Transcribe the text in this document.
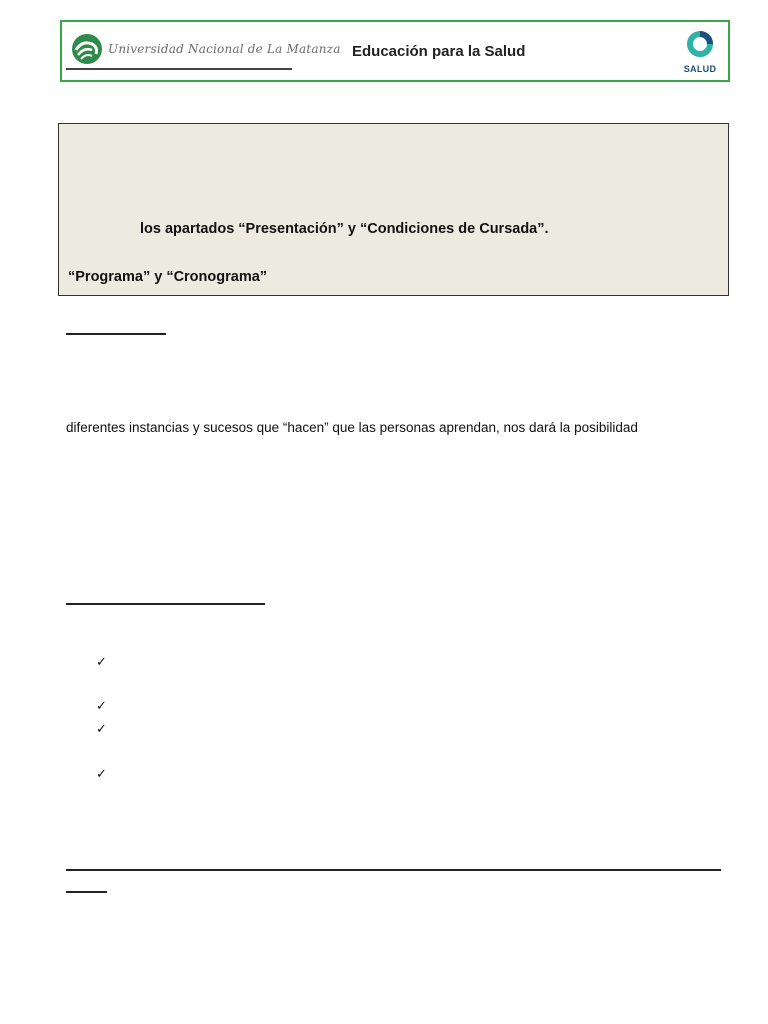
Universidad Nacional de La Matanza Educación para la Salud
SALUD
los apartados “Presentación” y “Condiciones de Cursada”.
“Programa” y “Cronograma”
diferentes instancias y sucesos que “hacen” que las personas aprendan, nos dará la posibilidad
✓
✓
✓
✓
